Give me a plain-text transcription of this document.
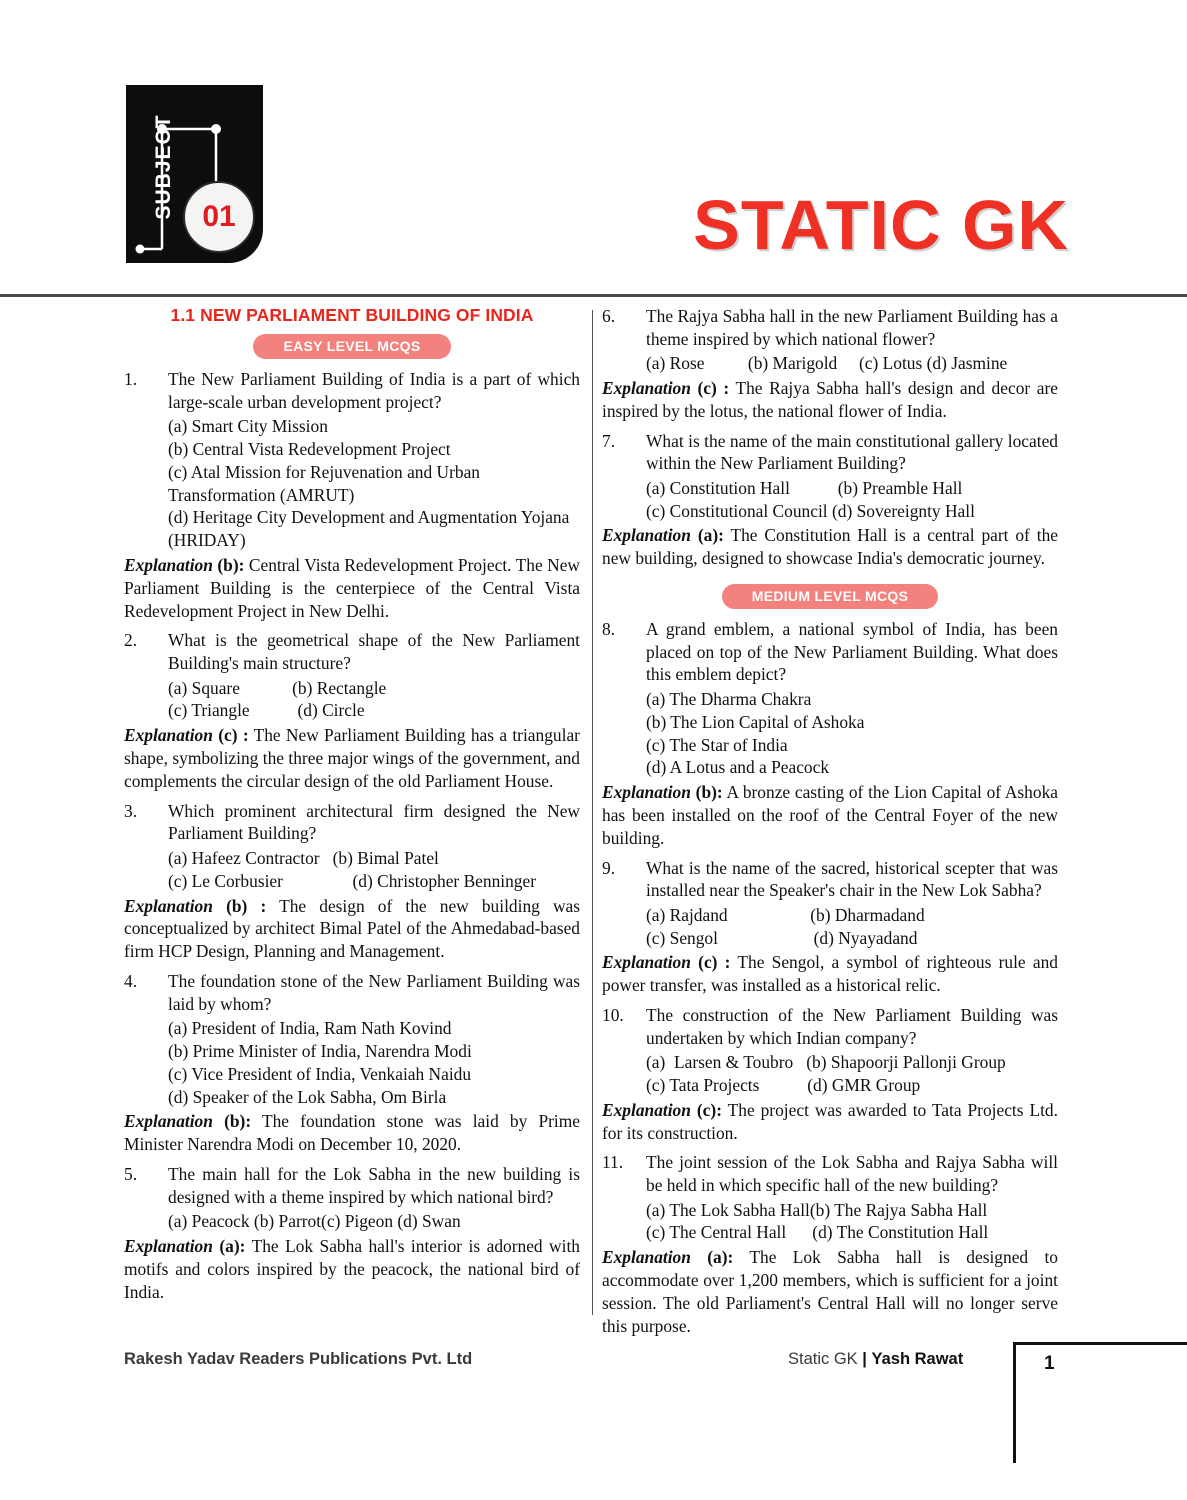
SUBJECT 01	STATIC GK
1.1 NEW PARLIAMENT BUILDING OF INDIA
EASY LEVEL MCQS
1.	The New Parliament Building of India is a part of which large-scale urban development project?
(a) Smart City Mission
(b) Central Vista Redevelopment Project
(c) Atal Mission for Rejuvenation and Urban Transformation (AMRUT)
(d) Heritage City Development and Augmentation Yojana (HRIDAY)
Explanation (b): Central Vista Redevelopment Project. The New Parliament Building is the centerpiece of the Central Vista Redevelopment Project in New Delhi.
2.	What is the geometrical shape of the New Parliament Building's main structure?
(a) Square            (b) Rectangle
(c) Triangle           (d) Circle
Explanation (c) : The New Parliament Building has a triangular shape, symbolizing the three major wings of the government, and complements the circular design of the old Parliament House.
3.	Which prominent architectural firm designed the New Parliament Building?
(a) Hafeez Contractor   (b) Bimal Patel
(c) Le Corbusier                (d) Christopher Benninger
Explanation (b) : The design of the new building was conceptualized by architect Bimal Patel of the Ahmedabad-based firm HCP Design, Planning and Management.
4.	The foundation stone of the New Parliament Building was laid by whom?
(a) President of India, Ram Nath Kovind
(b) Prime Minister of India, Narendra Modi
(c) Vice President of India, Venkaiah Naidu
(d) Speaker of the Lok Sabha, Om Birla
Explanation (b): The foundation stone was laid by Prime Minister Narendra Modi on December 10, 2020.
5.	The main hall for the Lok Sabha in the new building is designed with a theme inspired by which national bird?
(a) Peacock (b) Parrot(c) Pigeon (d) Swan
Explanation (a): The Lok Sabha hall's interior is adorned with motifs and colors inspired by the peacock, the national bird of India.
6.	The Rajya Sabha hall in the new Parliament Building has a theme inspired by which national flower?
(a) Rose          (b) Marigold     (c) Lotus (d) Jasmine
Explanation (c) : The Rajya Sabha hall's design and decor are inspired by the lotus, the national flower of India.
7.	What is the name of the main constitutional gallery located within the New Parliament Building?
(a) Constitution Hall           (b) Preamble Hall
(c) Constitutional Council (d) Sovereignty Hall
Explanation (a): The Constitution Hall is a central part of the new building, designed to showcase India's democratic journey.
MEDIUM LEVEL MCQS
8.	A grand emblem, a national symbol of India, has been placed on top of the New Parliament Building. What does this emblem depict?
(a) The Dharma Chakra
(b) The Lion Capital of Ashoka
(c) The Star of India
(d) A Lotus and a Peacock
Explanation (b): A bronze casting of the Lion Capital of Ashoka has been installed on the roof of the Central Foyer of the new building.
9.	What is the name of the sacred, historical scepter that was installed near the Speaker's chair in the New Lok Sabha?
(a) Rajdand                   (b) Dharmadand
(c) Sengol                      (d) Nyayadand
Explanation (c) : The Sengol, a symbol of righteous rule and power transfer, was installed as a historical relic.
10.	The construction of the New Parliament Building was undertaken by which Indian company?
(a)  Larsen & Toubro   (b) Shapoorji Pallonji Group
(c) Tata Projects           (d) GMR Group
Explanation (c): The project was awarded to Tata Projects Ltd. for its construction.
11.	The joint session of the Lok Sabha and Rajya Sabha will be held in which specific hall of the new building?
(a) The Lok Sabha Hall(b) The Rajya Sabha Hall
(c) The Central Hall      (d) The Constitution Hall
Explanation (a): The Lok Sabha hall is designed to accommodate over 1,200 members, which is sufficient for a joint session. The old Parliament's Central Hall will no longer serve this purpose.
Rakesh Yadav Readers Publications Pvt. Ltd	Static GK | Yash Rawat	1
